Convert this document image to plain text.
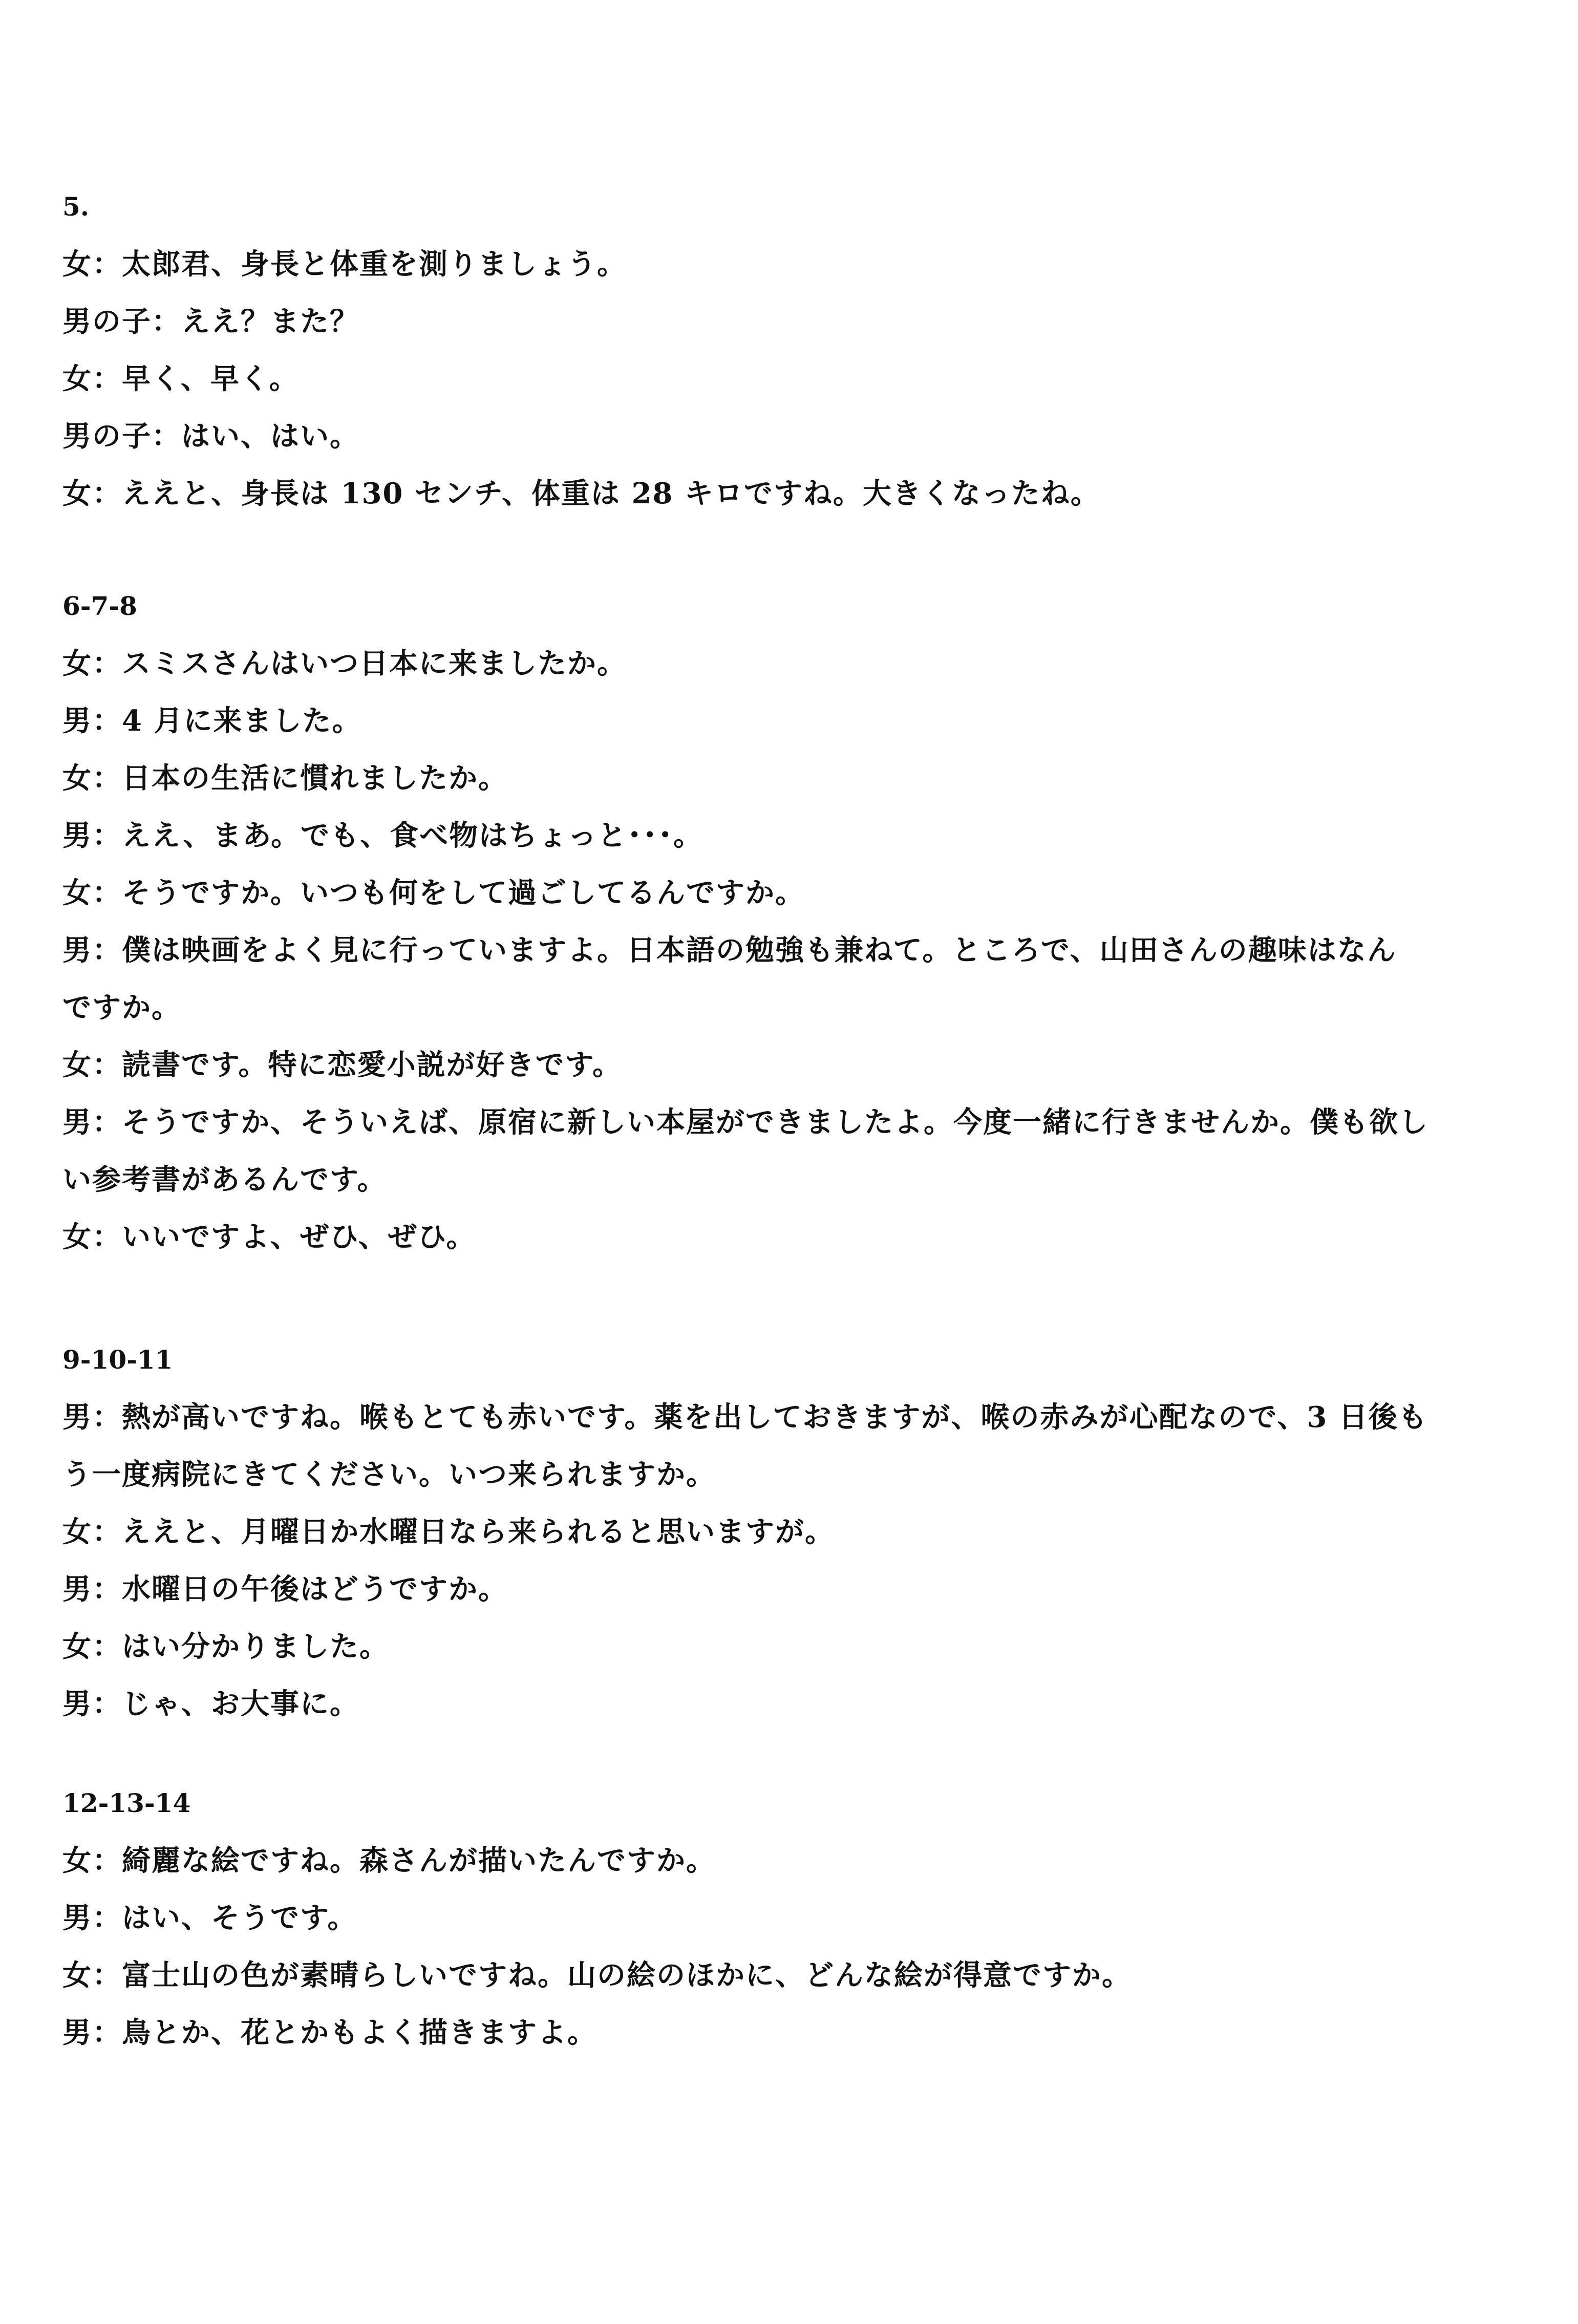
5.
女：太郎君、身長と体重を測りましょう。
男の子：ええ？また？
女：早く、早く。
男の子：はい、はい。
女：ええと、身長は 130 センチ、体重は 28 キロですね。大きくなったね。
6-7-8
女：スミスさんはいつ日本に来ましたか。
男：4 月に来ました。
女：日本の生活に慣れましたか。
男：ええ、まあ。でも、食べ物はちょっと･･･。
女：そうですか。いつも何をして過ごしてるんですか。
男：僕は映画をよく見に行っていますよ。日本語の勉強も兼ねて。ところで、山田さんの趣味はなん
ですか。
女：読書です。特に恋愛小説が好きです。
男：そうですか、そういえば、原宿に新しい本屋ができましたよ。今度一緒に行きませんか。僕も欲し
い参考書があるんです。
女：いいですよ、ぜひ、ぜひ。
9-10-11
男：熱が高いですね。喉もとても赤いです。薬を出しておきますが、喉の赤みが心配なので、3 日後も
う一度病院にきてください。いつ来られますか。
女：ええと、月曜日か水曜日なら来られると思いますが。
男：水曜日の午後はどうですか。
女：はい分かりました。
男：じゃ、お大事に。
12-13-14
女：綺麗な絵ですね。森さんが描いたんですか。
男：はい、そうです。
女：富士山の色が素晴らしいですね。山の絵のほかに、どんな絵が得意ですか。
男：鳥とか、花とかもよく描きますよ。
